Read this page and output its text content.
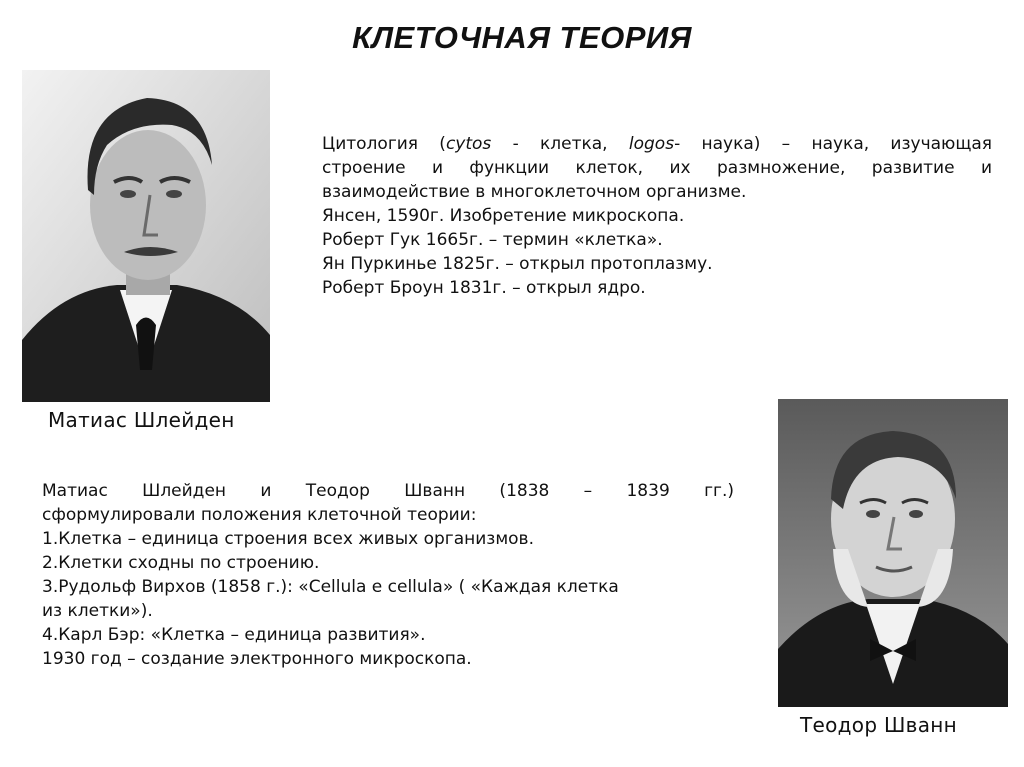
КЛЕТОЧНАЯ ТЕОРИЯ
Матиас Шлейден
Теодор Шванн
Цитология (cytos - клетка, logos- наука) – наука, изучающая
строение и функции клеток, их размножение, развитие и
взаимодействие в многоклеточном организме.
Янсен, 1590г. Изобретение микроскопа.
Роберт Гук 1665г. – термин «клетка».
Ян Пуркинье 1825г. – открыл протоплазму.
Роберт Броун 1831г. – открыл ядро.
Матиас Шлейден и Теодор Шванн (1838 – 1839 гг.)
сформулировали положения клеточной теории:
1.Клетка – единица строения всех живых организмов.
2.Клетки сходны по строению.
3.Рудольф Вирхов (1858 г.): «Cellula e cellula» ( «Каждая клетка
из клетки»).
4.Карл Бэр: «Клетка – единица развития».
1930 год – создание электронного микроскопа.
